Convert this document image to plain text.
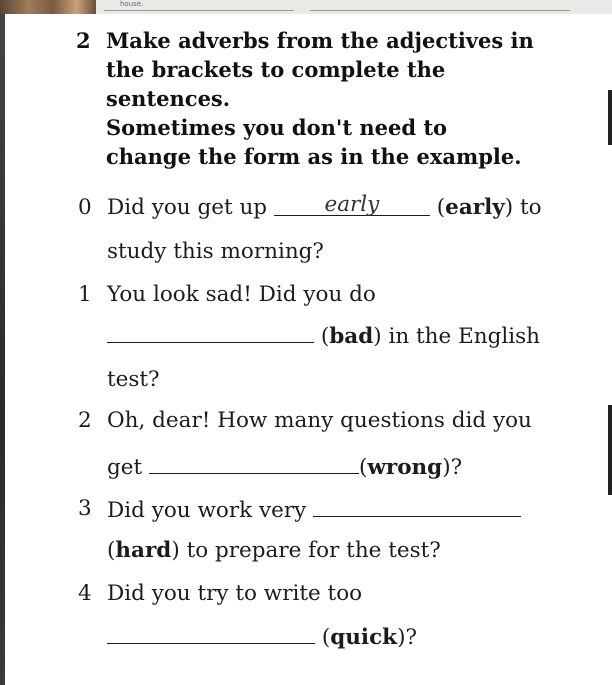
house.
2 Make adverbs from the adjectives in
the brackets to complete the
sentences.
Sometimes you don't need to
change the form as in the example.
0 Did you get up	early (early) to
study this morning?
1 You look sad! Did you do
(bad) in the English
test?
2 Oh, dear! How many questions did you
get	(wrong)?
3 Did you work very
(hard) to prepare for the test?
4 Did you try to write too
(quick)?
